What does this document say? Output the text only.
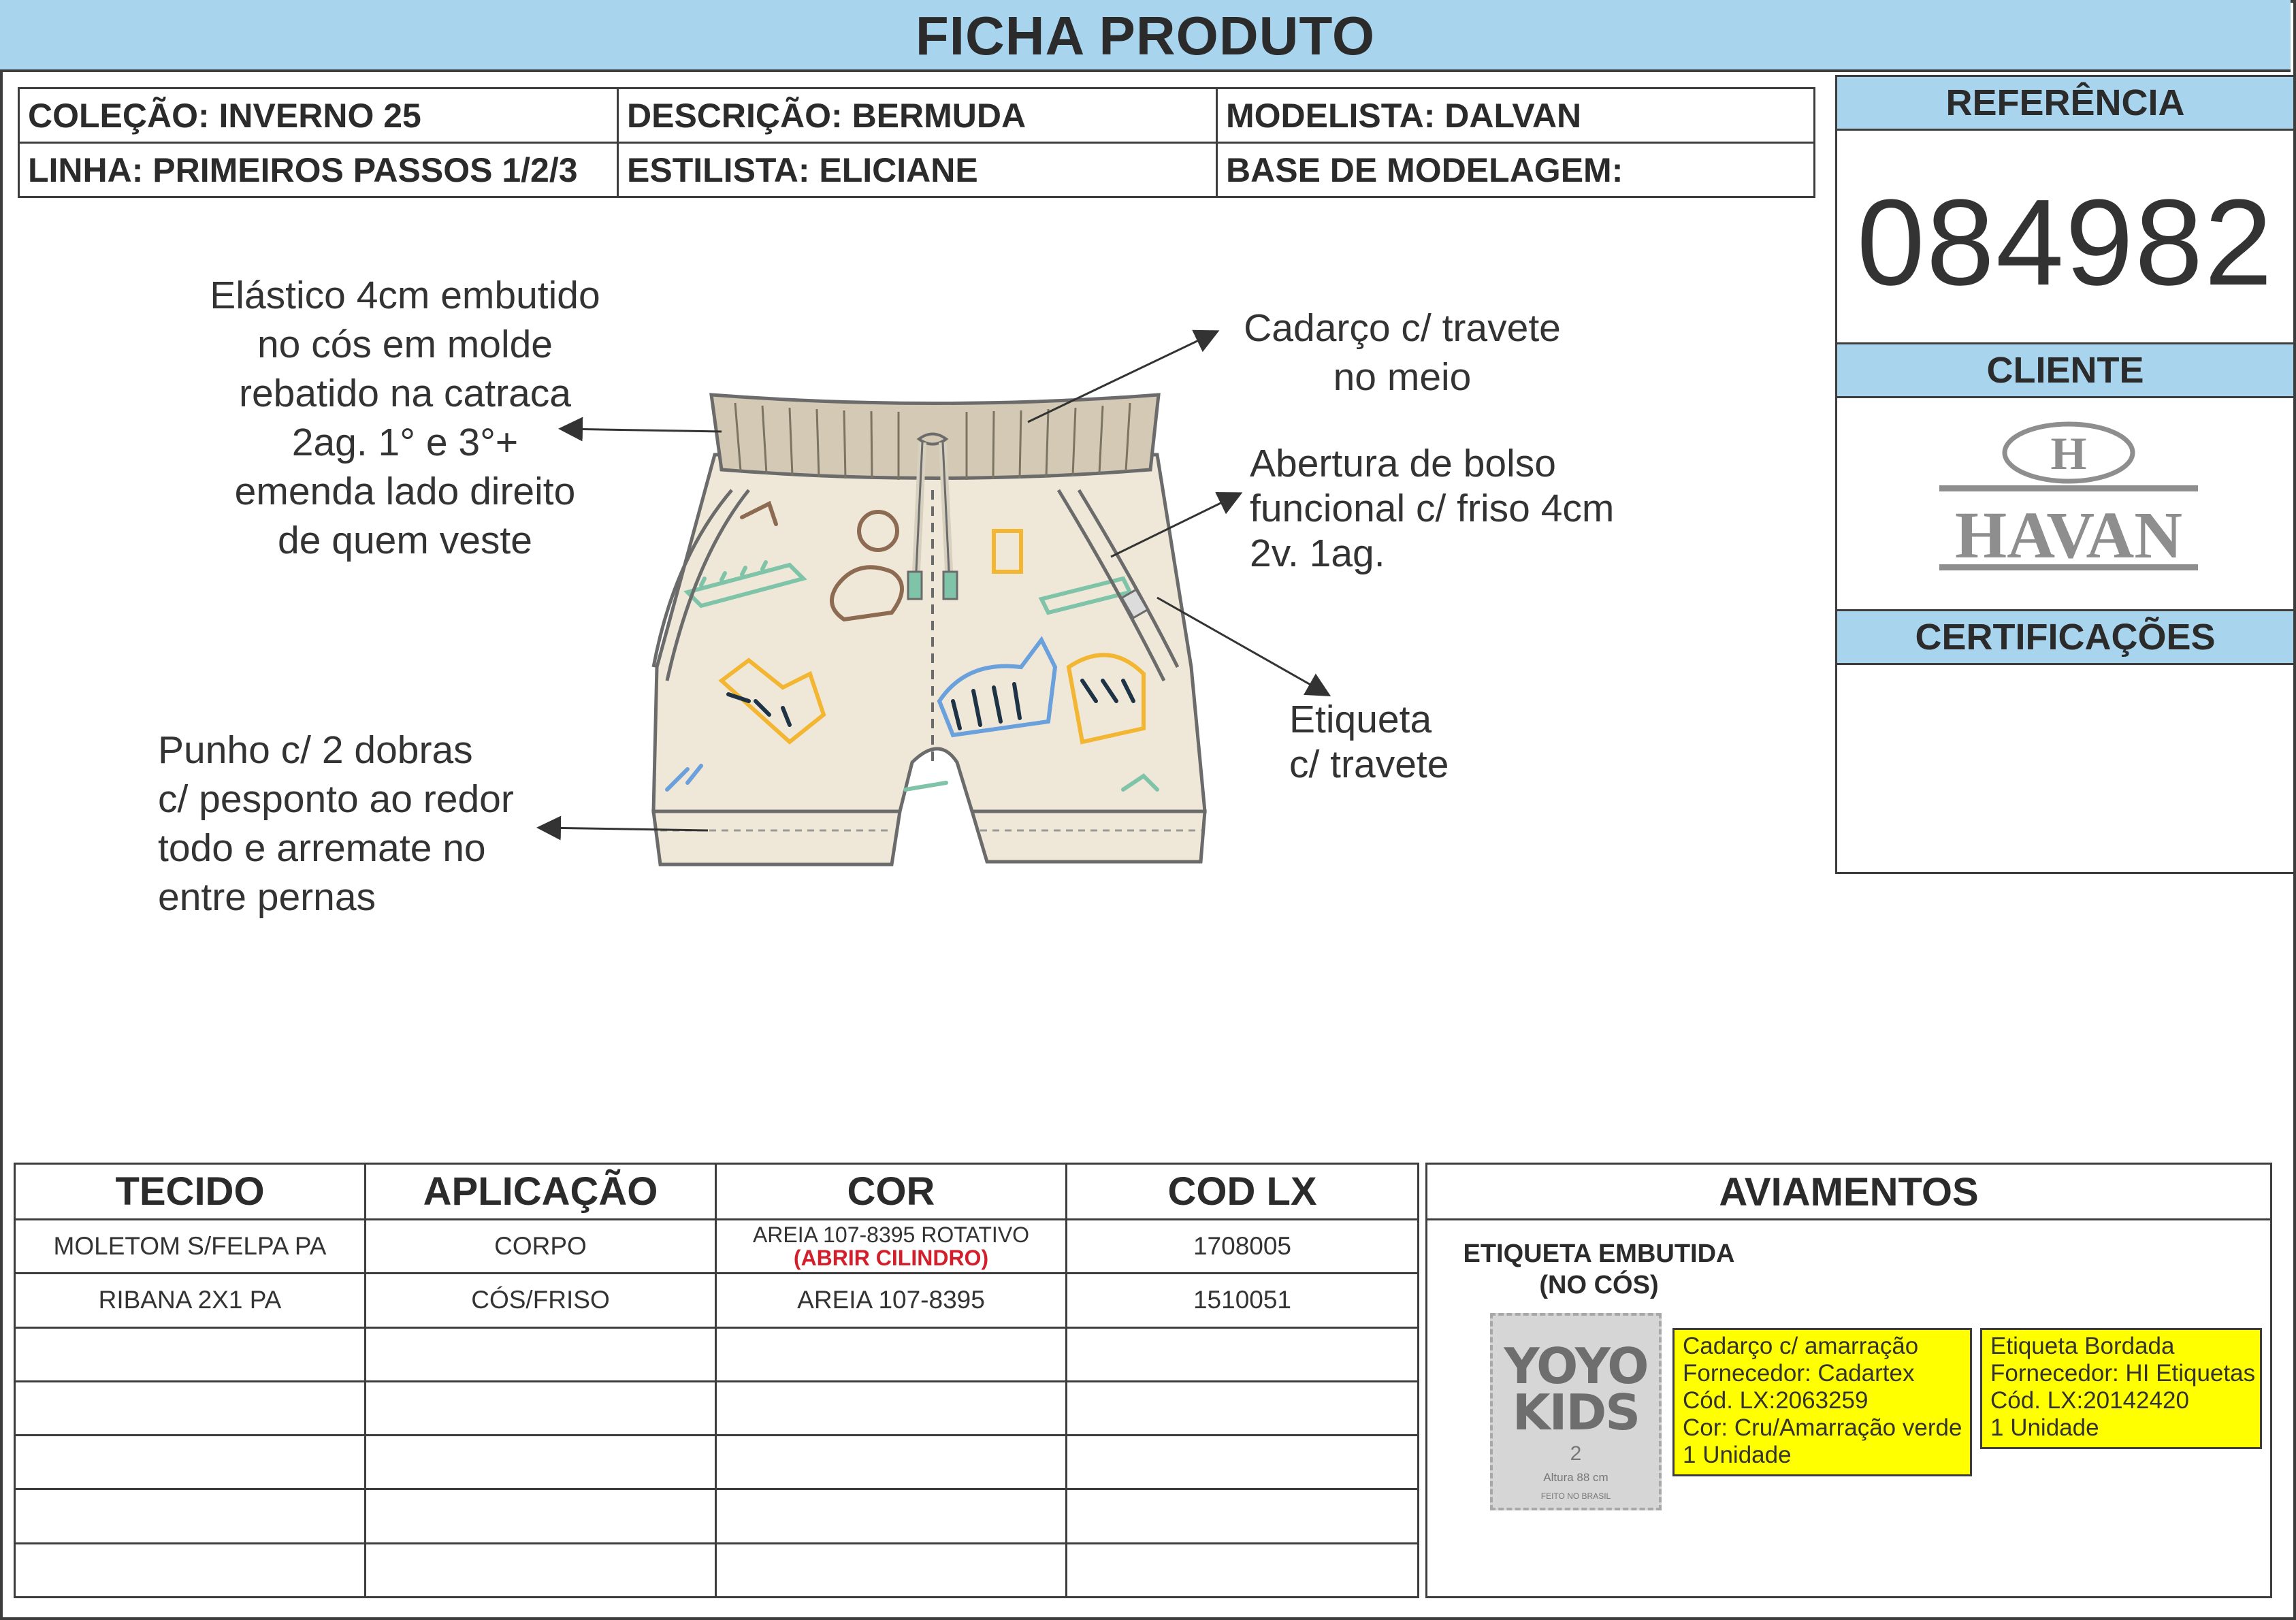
FICHA PRODUTO
COLEÇÃO: INVERNO 25	DESCRIÇÃO: BERMUDA	MODELISTA: DALVAN
LINHA: PRIMEIROS PASSOS 1/2/3	ESTILISTA: ELICIANE	BASE DE MODELAGEM:
REFERÊNCIA
084982
CLIENTE
H
HAVAN
CERTIFICAÇÕES
Elástico 4cm embutido
no cós em molde
rebatido na catraca
2ag. 1° e 3°+
emenda lado direito
de quem veste
Cadarço c/ travete
no meio
Abertura de bolso
funcional c/ friso 4cm
2v. 1ag.
Etiqueta
c/ travete
Punho c/ 2 dobras
c/ pesponto ao redor
todo e arremate no
entre pernas
TECIDO	APLICAÇÃO	COR	COD LX
MOLETOM S/FELPA PA	CORPO	AREIA 107-8395 ROTATIVO
(ABRIR CILINDRO)	1708005
RIBANA 2X1 PA	CÓS/FRISO	AREIA 107-8395	1510051

AVIAMENTOS
ETIQUETA EMBUTIDA
(NO CÓS)
YOYO
KIDS
2
Altura 88 cm
FEITO NO BRASIL
Cadarço c/ amarração
Fornecedor: Cadartex
Cód. LX:2063259
Cor: Cru/Amarração verde
1 Unidade
Etiqueta Bordada
Fornecedor: HI Etiquetas
Cód. LX:20142420
1 Unidade
